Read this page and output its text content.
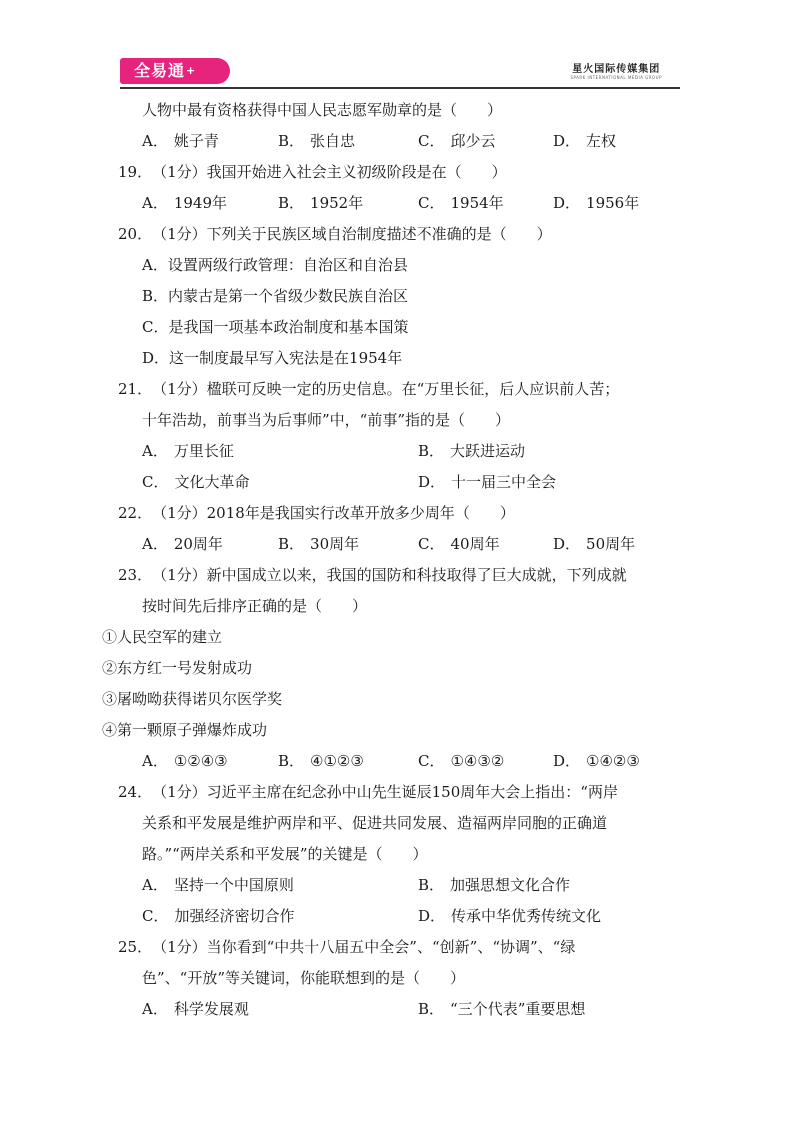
全易通+	星火国际传媒集团
SPARK INTERNATIONAL MEDIA GROUP
人物中最有资格获得中国人民志愿军勋章的是（　　）
A． 姚子青	B． 张自忠	C． 邱少云	D． 左权
19．（1分）我国开始进入社会主义初级阶段是在（　　）
A． 1949年	B． 1952年	C． 1954年	D． 1956年
20．（1分）下列关于民族区域自治制度描述不准确的是（　　）
A．设置两级行政管理：自治区和自治县
B．内蒙古是第一个省级少数民族自治区
C．是我国一项基本政治制度和基本国策
D．这一制度最早写入宪法是在1954年
21．（1分）楹联可反映一定的历史信息。在“万里长征，后人应识前人苦；
十年浩劫，前事当为后事师”中，“前事”指的是（　　）
A． 万里长征	B． 大跃进运动
C． 文化大革命	D． 十一届三中全会
22．（1分）2018年是我国实行改革开放多少周年（　　）
A． 20周年	B． 30周年	C． 40周年	D． 50周年
23．（1分）新中国成立以来，我国的国防和科技取得了巨大成就，下列成就
按时间先后排序正确的是（　　）
①人民空军的建立
②东方红一号发射成功
③屠呦呦获得诺贝尔医学奖
④第一颗原子弹爆炸成功
A． ①②④③	B． ④①②③	C． ①④③②	D． ①④②③
24．（1分）习近平主席在纪念孙中山先生诞辰150周年大会上指出：“两岸
关系和平发展是维护两岸和平、促进共同发展、造福两岸同胞的正确道
路。”“两岸关系和平发展”的关键是（　　）
A． 坚持一个中国原则	B． 加强思想文化合作
C． 加强经济密切合作	D． 传承中华优秀传统文化
25．（1分）当你看到“中共十八届五中全会”、“创新”、“协调”、“绿
色”、“开放”等关键词，你能联想到的是（　　）
A． 科学发展观	B． “三个代表”重要思想
